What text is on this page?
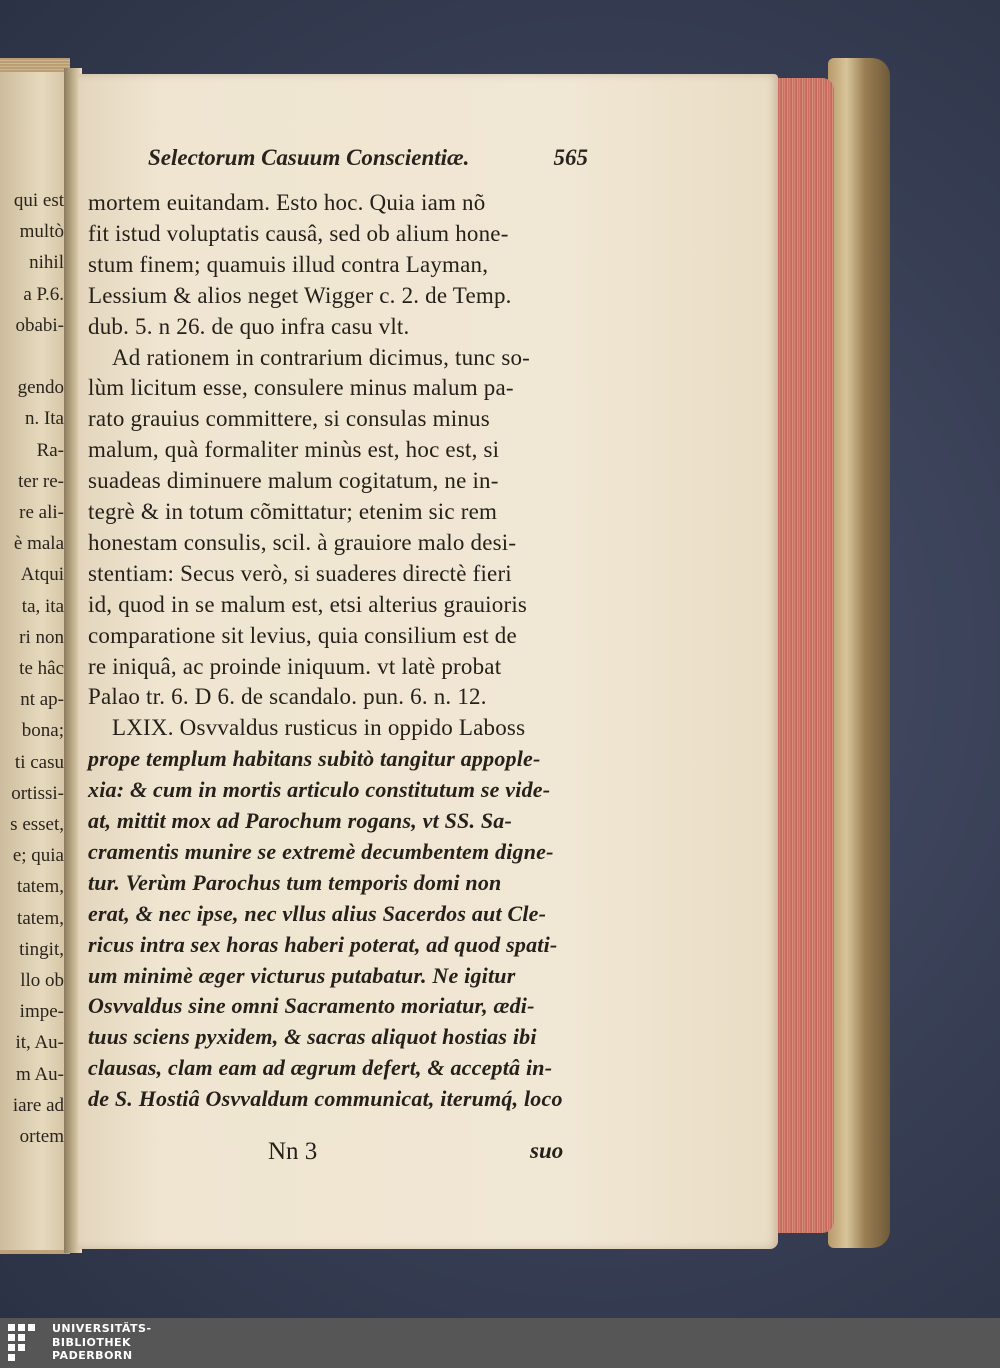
qui est
multò
nihil
a P.6.
obabi-
gendo
n. Ita
Ra-
ter re-
re ali-
è mala
Atqui
ta, ita
ri non
te hâc
nt ap-
bona;
ti casu
ortissi-
s esset,
e; quia
tatem,
tatem,
tingit,
llo ob
impe-
it, Au-
m Au-
iare ad
ortem
Selectorum Casuum Conscientiæ.	565
mortem euitandam. Esto hoc. Quia iam nõ
fit istud voluptatis causâ, sed ob alium hone-
stum finem; quamuis illud contra Layman,
Lessium & alios neget Wigger c. 2. de Temp.
dub. 5. n 26. de quo infra casu vlt.
Ad rationem in contrarium dicimus, tunc so-
lùm licitum esse, consulere minus malum pa-
rato grauius committere, si consulas minus
malum, quà formaliter minùs est, hoc est, si
suadeas diminuere malum cogitatum, ne in-
tegrè & in totum cõmittatur; etenim sic rem
honestam consulis, scil. à grauiore malo desi-
stentiam: Secus verò, si suaderes directè fieri
id, quod in se malum est, etsi alterius grauioris
comparatione sit levius, quia consilium est de
re iniquâ, ac proinde iniquum. vt latè probat
Palao tr. 6. D 6. de scandalo. pun. 6. n. 12.
LXIX. Osvvaldus rusticus in oppido Laboss
prope templum habitans subitò tangitur appople-
xia: & cum in mortis articulo constitutum se vide-
at, mittit mox ad Parochum rogans, vt SS. Sa-
cramentis munire se extremè decumbentem digne-
tur. Verùm Parochus tum temporis domi non
erat, & nec ipse, nec vllus alius Sacerdos aut Cle-
ricus intra sex horas haberi poterat, ad quod spati-
um minimè æger victurus putabatur. Ne igitur
Osvvaldus sine omni Sacramento moriatur, ædi-
tuus sciens pyxidem, & sacras aliquot hostias ibi
clausas, clam eam ad ægrum defert, & acceptâ in-
de S. Hostiâ Osvvaldum communicat, iterumq́, loco
Nn 3	suo
UNIVERSITÄTS-
BIBLIOTHEK
PADERBORN
